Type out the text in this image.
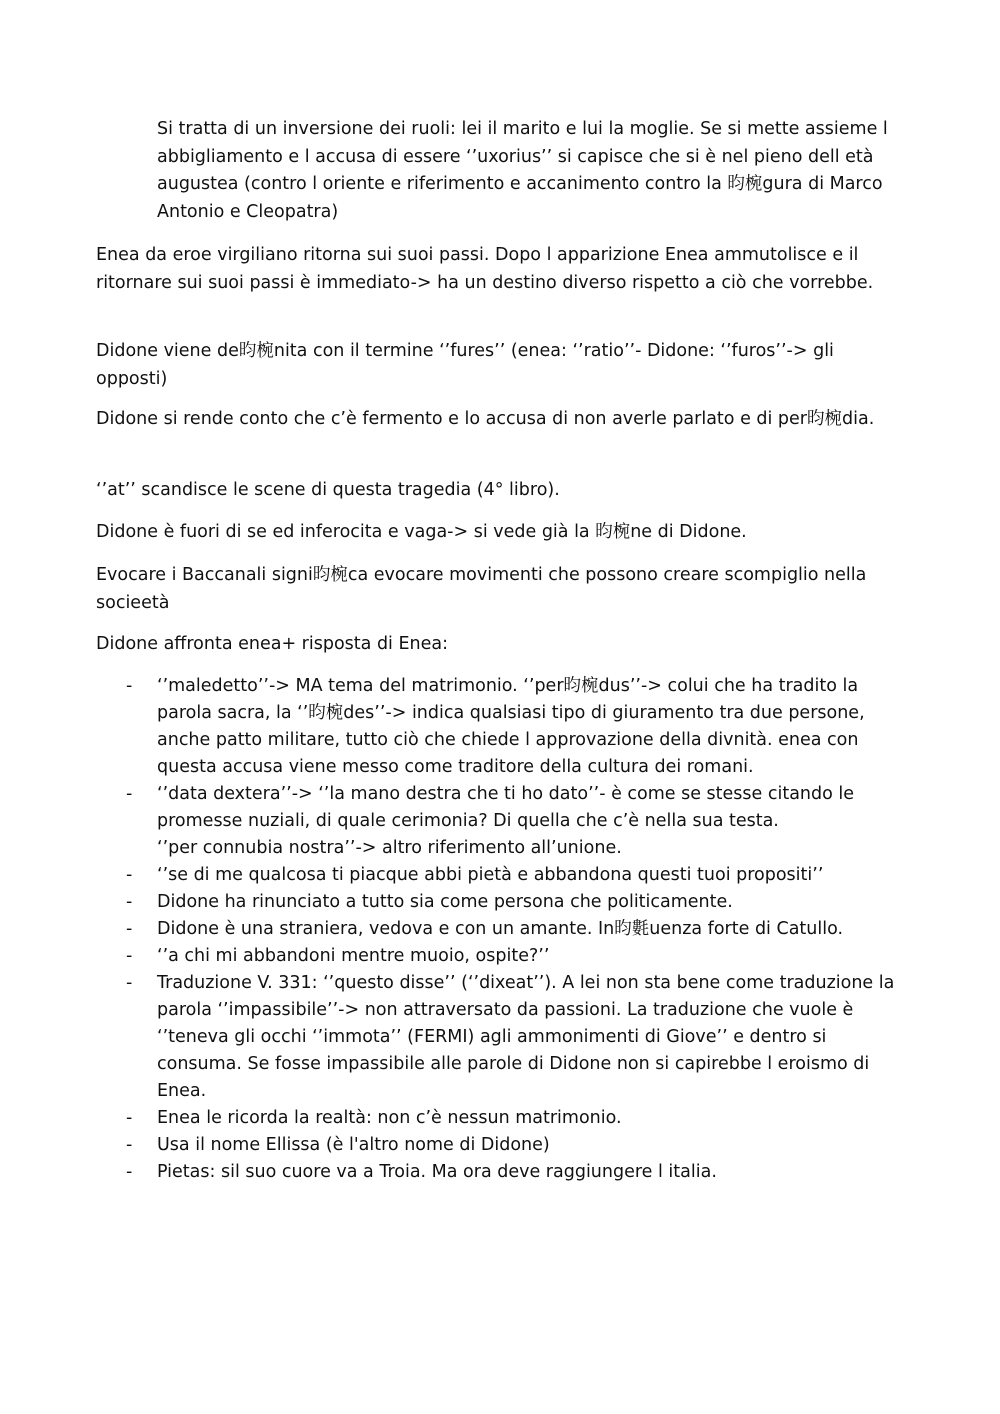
Si tratta di un inversione dei ruoli: lei il marito e lui la moglie. Se si mette assieme l abbigliamento e l accusa di essere ‘’uxorius’’ si capisce che si è nel pieno dell età augustea (contro l oriente e riferimento e accanimento contro la 昀椀gura di Marco Antonio e Cleopatra)

Enea da eroe virgiliano ritorna sui suoi passi. Dopo l apparizione Enea ammutolisce e il ritornare sui suoi passi è immediato-> ha un destino diverso rispetto a ciò che vorrebbe.

Didone viene de昀椀nita con il termine ‘’fures’’ (enea: ‘’ratio’’- Didone: ‘’furos’’-> gli opposti)

Didone si rende conto che c’è fermento e lo accusa di non averle parlato e di per昀椀dia.

‘’at’’ scandisce le scene di questa tragedia (4° libro).

Didone è fuori di se ed inferocita e vaga-> si vede già la 昀椀ne di Didone.

Evocare i Baccanali signi昀椀ca evocare movimenti che possono creare scompiglio nella socieetà

Didone affronta enea+ risposta di Enea:

- ‘’maledetto’’-> MA tema del matrimonio. ‘’per昀椀dus’’-> colui che ha tradito la parola sacra, la ‘’昀椀des’’-> indica qualsiasi tipo di giuramento tra due persone, anche patto militare, tutto ciò che chiede l approvazione della divnità. enea con questa accusa viene messo come traditore della cultura dei romani.
- ‘’data dextera’’-> ‘’la mano destra che ti ho dato’’- è come se stesse citando le promesse nuziali, di quale cerimonia? Di quella che c’è nella sua testa.
‘’per connubia nostra’’-> altro riferimento all’unione.
- ‘’se di me qualcosa ti piacque abbi pietà e abbandona questi tuoi propositi’’
- Didone ha rinunciato a tutto sia come persona che politicamente.
- Didone è una straniera, vedova e con un amante. In昀氀uenza forte di Catullo.
- ‘’a chi mi abbandoni mentre muoio, ospite?’’
- Traduzione V. 331: ‘’questo disse’’ (‘’dixeat’’). A lei non sta bene come traduzione la parola ‘’impassibile’’-> non attraversato da passioni. La traduzione che vuole è ‘’teneva gli occhi ‘’immota’’ (FERMI) agli ammonimenti di Giove’’ e dentro si consuma. Se fosse impassibile alle parole di Didone non si capirebbe l eroismo di Enea.
- Enea le ricorda la realtà: non c’è nessun matrimonio.
- Usa il nome Ellissa (è l'altro nome di Didone)
- Pietas: sil suo cuore va a Troia. Ma ora deve raggiungere l italia.
